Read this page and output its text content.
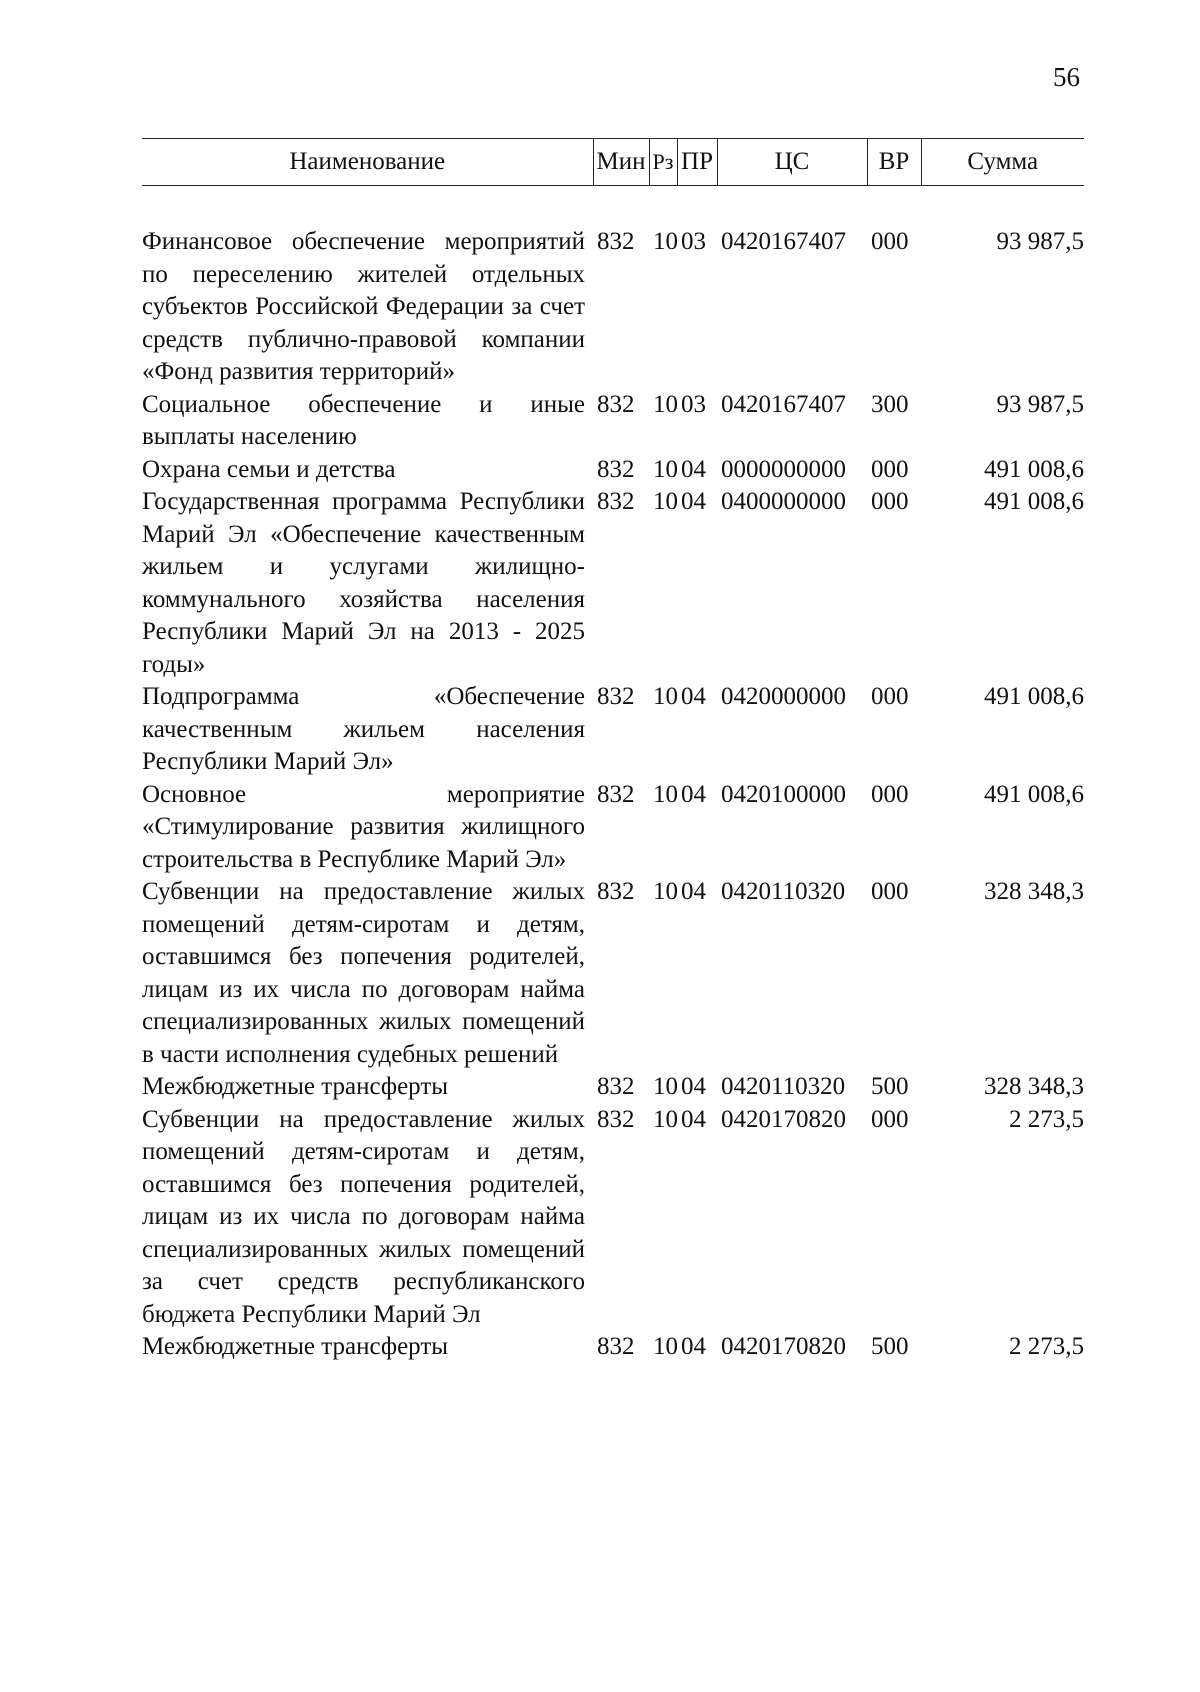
56
Наименование	Мин	Рз	ПР	ЦС	ВР	Сумма

Финансовое обеспечение мероприятий по переселению жителей отдельных субъектов Российской Федерации за счет средств публично-правовой компании «Фонд развития территорий»	832	10	03	0420167407	000	93 987,5
Социальное обеспечение и иные выплаты населению	832	10	03	0420167407	300	93 987,5
Охрана семьи и детства	832	10	04	0000000000	000	491 008,6
Государственная программа Республики Марий Эл «Обеспечение качественным жильем и услугами жилищно-коммунального хозяйства населения Республики Марий Эл на 2013 - 2025 годы»	832	10	04	0400000000	000	491 008,6
Подпрограмма «Обеспечение качественным жильем населения Республики Марий Эл»	832	10	04	0420000000	000	491 008,6
Основное мероприятие «Стимулирование развития жилищного строительства в Республике Марий Эл»	832	10	04	0420100000	000	491 008,6
Субвенции на предоставление жилых помещений детям-сиротам и детям, оставшимся без попечения родителей, лицам из их числа по договорам найма специализированных жилых помещений в части исполнения судебных решений	832	10	04	0420110320	000	328 348,3
Межбюджетные трансферты	832	10	04	0420110320	500	328 348,3
Субвенции на предоставление жилых помещений детям-сиротам и детям, оставшимся без попечения родителей, лицам из их числа по договорам найма специализированных жилых помещений за счет средств республиканского бюджета Республики Марий Эл	832	10	04	0420170820	000	2 273,5
Межбюджетные трансферты	832	10	04	0420170820	500	2 273,5
